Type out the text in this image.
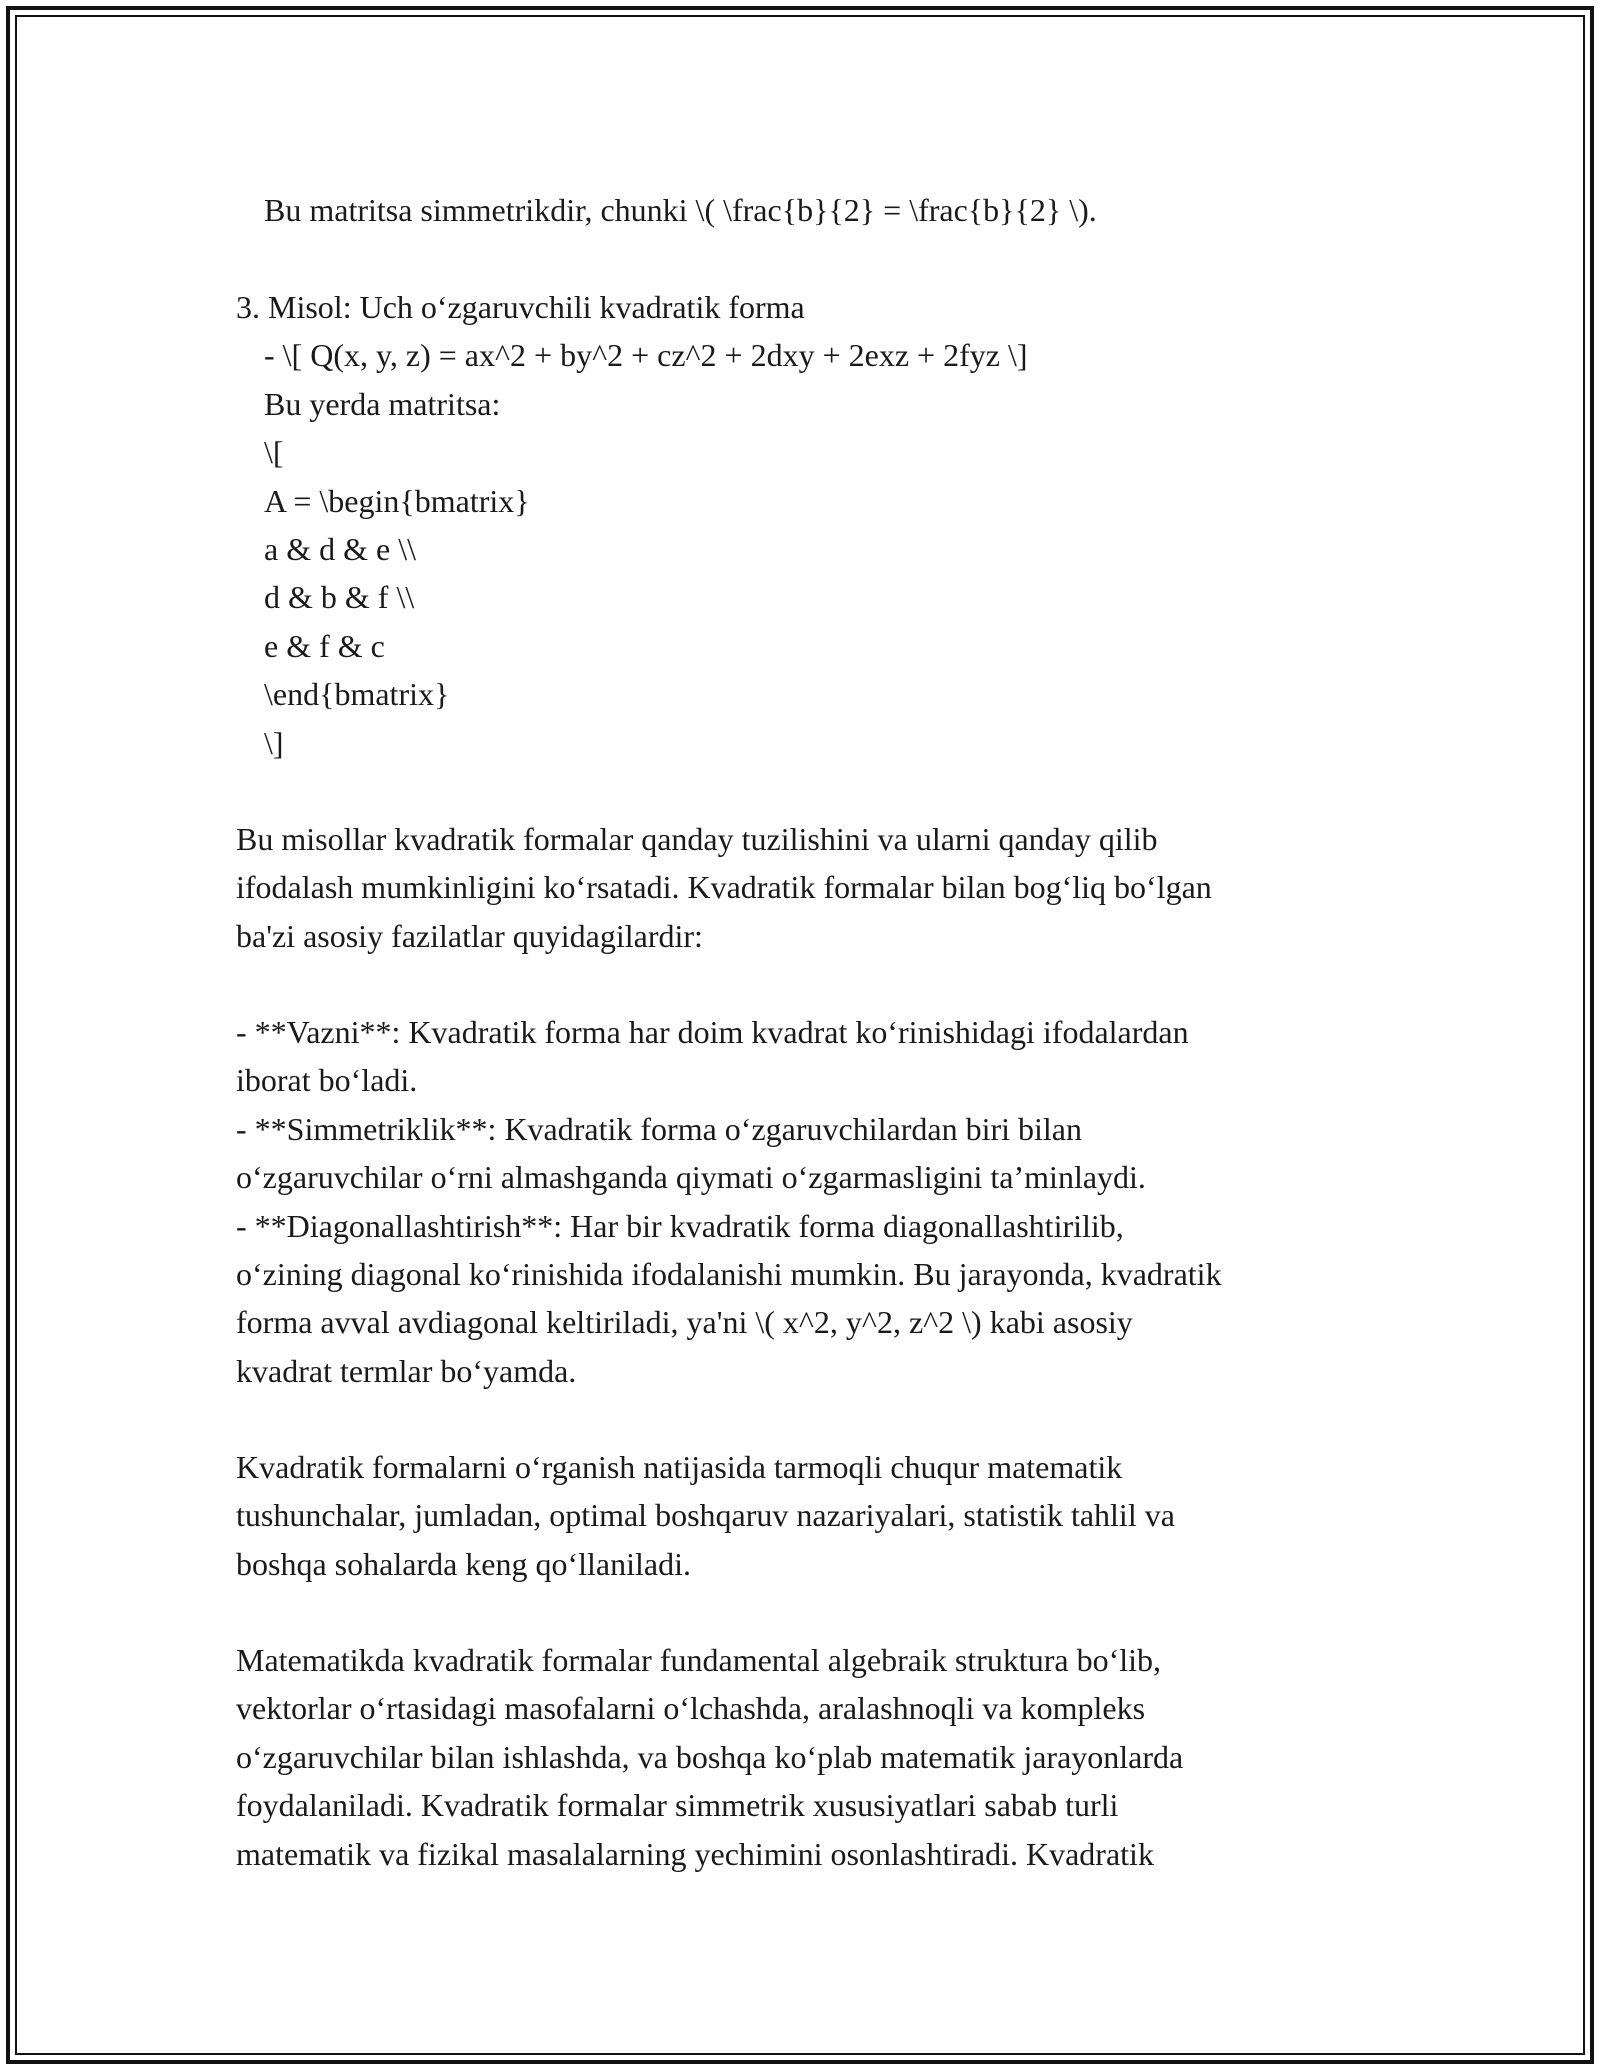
Bu matritsa simmetrikdir, chunki \( \frac{b}{2} = \frac{b}{2} \).
3. Misol: Uch o‘zgaruvchili kvadratik forma
- \[ Q(x, y, z) = ax^2 + by^2 + cz^2 + 2dxy + 2exz + 2fyz \]
Bu yerda matritsa:
\[
A = \begin{bmatrix}
a & d & e \\
d & b & f \\
e & f & c
\end{bmatrix}
\]
Bu misollar kvadratik formalar qanday tuzilishini va ularni qanday qilib
ifodalash mumkinligini ko‘rsatadi. Kvadratik formalar bilan bog‘liq bo‘lgan
ba'zi asosiy fazilatlar quyidagilardir:
- **Vazni**: Kvadratik forma har doim kvadrat ko‘rinishidagi ifodalardan
iborat bo‘ladi.
- **Simmetriklik**: Kvadratik forma o‘zgaruvchilardan biri bilan
o‘zgaruvchilar o‘rni almashganda qiymati o‘zgarmasligini ta’minlaydi.
- **Diagonallashtirish**: Har bir kvadratik forma diagonallashtirilib,
o‘zining diagonal ko‘rinishida ifodalanishi mumkin. Bu jarayonda, kvadratik
forma avval avdiagonal keltiriladi, ya'ni \( x^2, y^2, z^2 \) kabi asosiy
kvadrat termlar bo‘yamda.
Kvadratik formalarni o‘rganish natijasida tarmoqli chuqur matematik
tushunchalar, jumladan, optimal boshqaruv nazariyalari, statistik tahlil va
boshqa sohalarda keng qo‘llaniladi.
Matematikda kvadratik formalar fundamental algebraik struktura bo‘lib,
vektorlar o‘rtasidagi masofalarni o‘lchashda, aralashnoqli va kompleks
o‘zgaruvchilar bilan ishlashda, va boshqa ko‘plab matematik jarayonlarda
foydalaniladi. Kvadratik formalar simmetrik xususiyatlari sabab turli
matematik va fizikal masalalarning yechimini osonlashtiradi. Kvadratik
